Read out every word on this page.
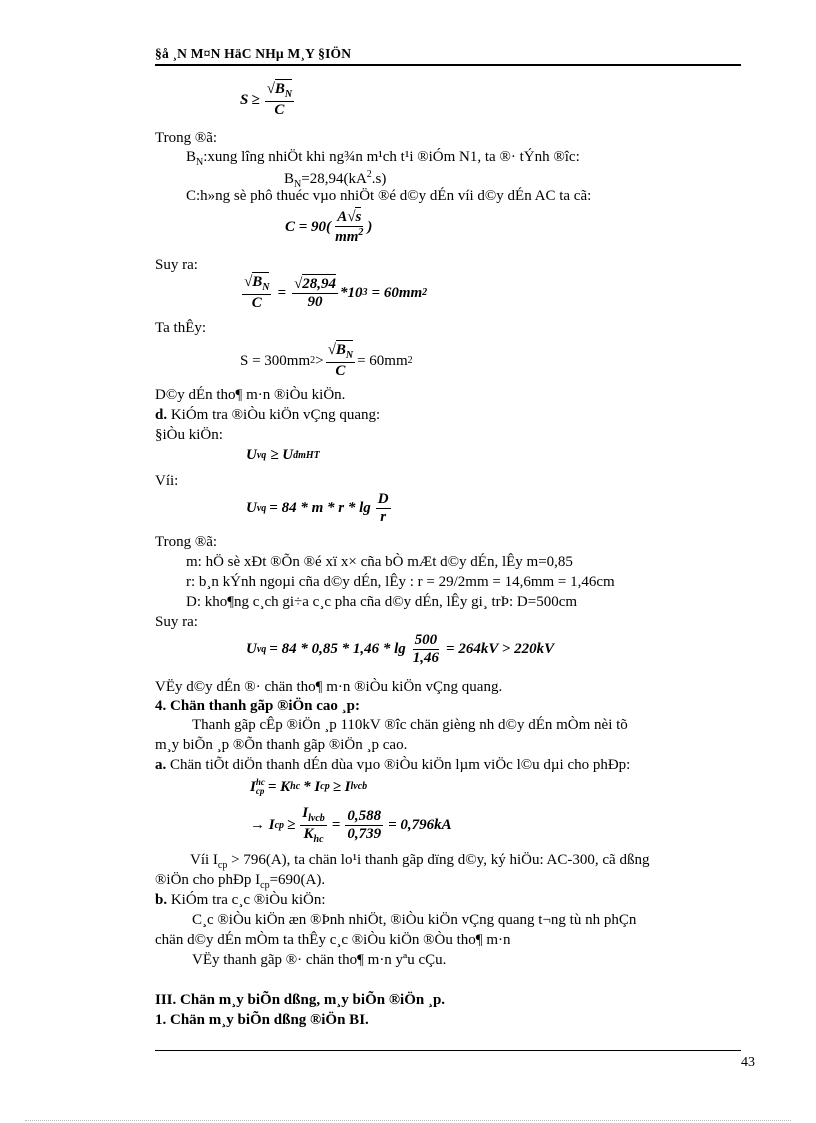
§å ¸N M¤N HäC NHµ M¸Y §IÖN
$S \ge \frac{√B_N}{C}$
Trong ®ã:
$B_N:xung$ lîng nhiÖt khi ng¾n m¹ch t¹i ®iÓm N1, ta ®· tÝnh ®îc:
$B_N=28,94(kA^2.s)$
C:h»ng sè phô thuéc vµo nhiÖt ®é d©y dÉn víi d©y dÉn AC ta cã:
$C = 90( \frac{A√s}{mm^2}$ )
Suy ra:
$\frac{√B_N}{C} = \frac{√28,94}{90} *10$ 3 = 60mm 2
Ta thÊy:
S = 300mm $2 > \frac{√B_N}{C} = 60mm$ 2
D©y dÉn tho¶ m·n ®iÒu kiÖn.
d. KiÓm tra ®iÒu kiÖn vÇng quang:
§iÒu kiÖn:
U vq ≥ U đmHT
Víi:
U vq = 84 * m * r * $\lg \frac{D}{r}$
Trong ®ã:
m: hÖ sè xÐt ®Õn ®é xï x× cña bÒ mÆt d©y dÉn, lÊy m=0,85
r: b¸n kÝnh ngoµi cña d©y dÉn, lÊy : r = 29/2mm = 14,6mm = 1,46cm
D: kho¶ng c¸ch gi÷a c¸c pha cña d©y dÉn, lÊy gi¸ trÞ: D=500cm
Suy ra:
U vq = $84 * 0,85 * 1,46 * \lg \frac{500}{1,46} = 264kV > 220kV$
VËy d©y dÉn ®· chän tho¶ m·n ®iÒu kiÖn vÇng quang.
4. Chän thanh gãp ®iÖn cao ¸p:
Thanh gãp cÊp ®iÖn ¸p 110kV ®îc chän gièng nh d©y dÉn mÒm nèi tõ
m¸y biÕn ¸p ®Õn thanh gãp ®iÖn ¸p cao.
a. Chän tiÕt diÖn thanh dÉn dùa vµo ®iÒu kiÖn lµm viÖc l©u dµi cho phÐp:
I hc
cp = K hc * I cp ≥ I lvcb
→ I cp ≥ $\frac{I_{lvcb}}{K_{hc}} = \frac{0,588}{0,739} = 0,796kA$
Víi $I_{cp} > 796(A)$, ta chän lo¹i thanh gãp dïng d©y, ký hiÖu: AC-300, cã dßng
®iÖn cho phÐp $I_{cp}=690(A)$.
b. KiÓm tra c¸c ®iÒu kiÖn:
C¸c ®iÒu kiÖn æn ®Þnh nhiÖt, ®iÒu kiÖn vÇng quang t¬ng tù nh phÇn
chän d©y dÉn mÒm ta thÊy c¸c ®iÒu kiÖn ®Òu tho¶ m·n
VËy thanh gãp ®· chän tho¶ m·n yªu cÇu.
III. Chän m¸y biÕn dßng, m¸y biÕn ®iÖn ¸p.
1. Chän m¸y biÕn dßng ®iÖn BI.
43
